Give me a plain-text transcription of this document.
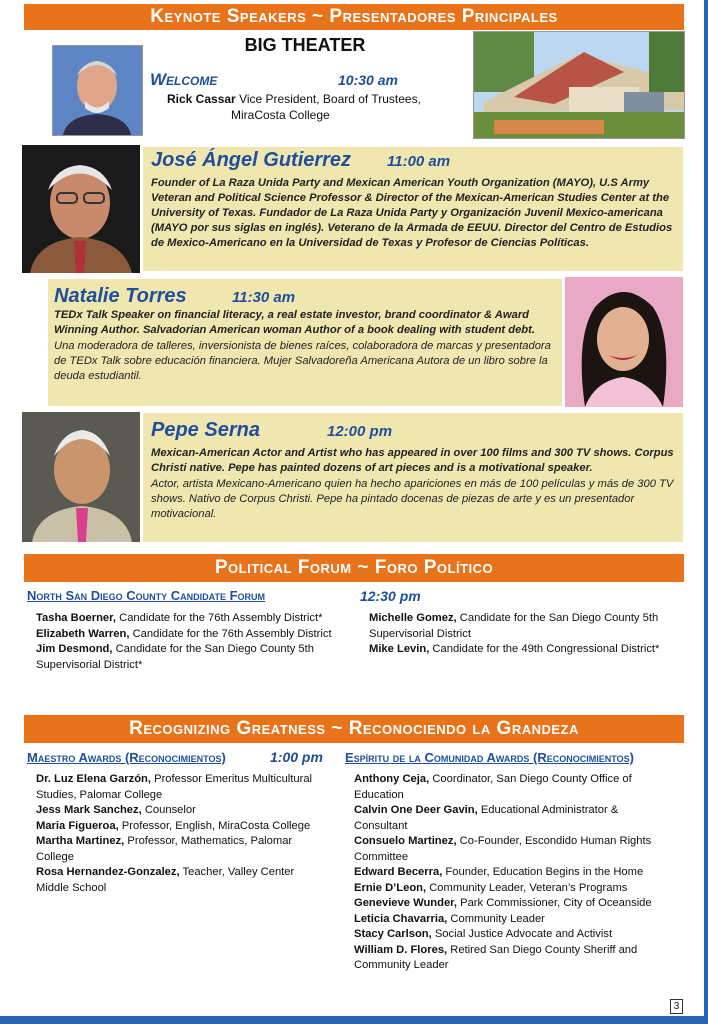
Keynote Speakers ~ Presentadores Principales
BIG THEATER
Welcome	10:30 am
Rick Cassar Vice President, Board of Trustees,
MiraCosta College
José Ángel Gutierrez 11:00 am
Founder of La Raza Unida Party and Mexican American Youth Organization (MAYO), U.S Army Veteran and Political Science Professor & Director of the Mexican-American Studies Center at the University of Texas. Fundador de La Raza Unida Party y Organización Juvenil Mexico-americana (MAYO por sus siglas en inglés). Veterano de la Armada de EEUU. Director del Centro de Estudios de Mexico-Americano en la Universidad de Texas y Profesor de Ciencias Políticas.
Natalie Torres	11:30 am
TEDx Talk Speaker on financial literacy, a real estate investor, brand coordinator & Award Winning Author. Salvadorian American woman Author of a book dealing with student debt.
Una moderadora de talleres, inversionista de bienes raíces, colaboradora de marcas y presentadora de TEDx Talk sobre educación financiera. Mujer Salvadoreña Americana Autora de un libro sobre la deuda estudiantil.
Pepe Serna	12:00 pm
Mexican-American Actor and Artist who has appeared in over 100 films and 300 TV shows. Corpus Christi native. Pepe has painted dozens of art pieces and is a motivational speaker.
Actor, artista Mexicano-Americano quien ha hecho apariciones en más de 100 películas y más de 300 TV shows. Nativo de Corpus Christi. Pepe ha pintado docenas de piezas de arte y es un presentador motivacional.
Political Forum ~ Foro Político
North San Diego County Candidate Forum	12:30 pm
Tasha Boerner, Candidate for the 76th Assembly District*
Elizabeth Warren, Candidate for the 76th Assembly District
Jim Desmond, Candidate for the San Diego County 5th Supervisorial District*
Michelle Gomez, Candidate for the San Diego County 5th Supervisorial District
Mike Levin, Candidate for the 49th Congressional District*
Recognizing Greatness ~ Reconociendo la Grandeza
Maestro Awards (Reconocimientos)	1:00 pm Espíritu de la Comunidad Awards (Reconocimientos)
Dr. Luz Elena Garzón, Professor Emeritus Multicultural Studies, Palomar College
Jess Mark Sanchez, Counselor
Maria Figueroa, Professor, English, MiraCosta College
Martha Martinez, Professor, Mathematics, Palomar College
Rosa Hernandez-Gonzalez, Teacher, Valley Center Middle School
Anthony Ceja, Coordinator, San Diego County Office of Education
Calvin One Deer Gavin, Educational Administrator & Consultant
Consuelo Martinez, Co-Founder, Escondido Human Rights Committee
Edward Becerra, Founder, Education Begins in the Home
Ernie D’Leon, Community Leader, Veteran’s Programs
Genevieve Wunder, Park Commissioner, City of Oceanside
Leticia Chavarria, Community Leader
Stacy Carlson, Social Justice Advocate and Activist
William D. Flores, Retired San Diego County Sheriff and Community Leader
3
